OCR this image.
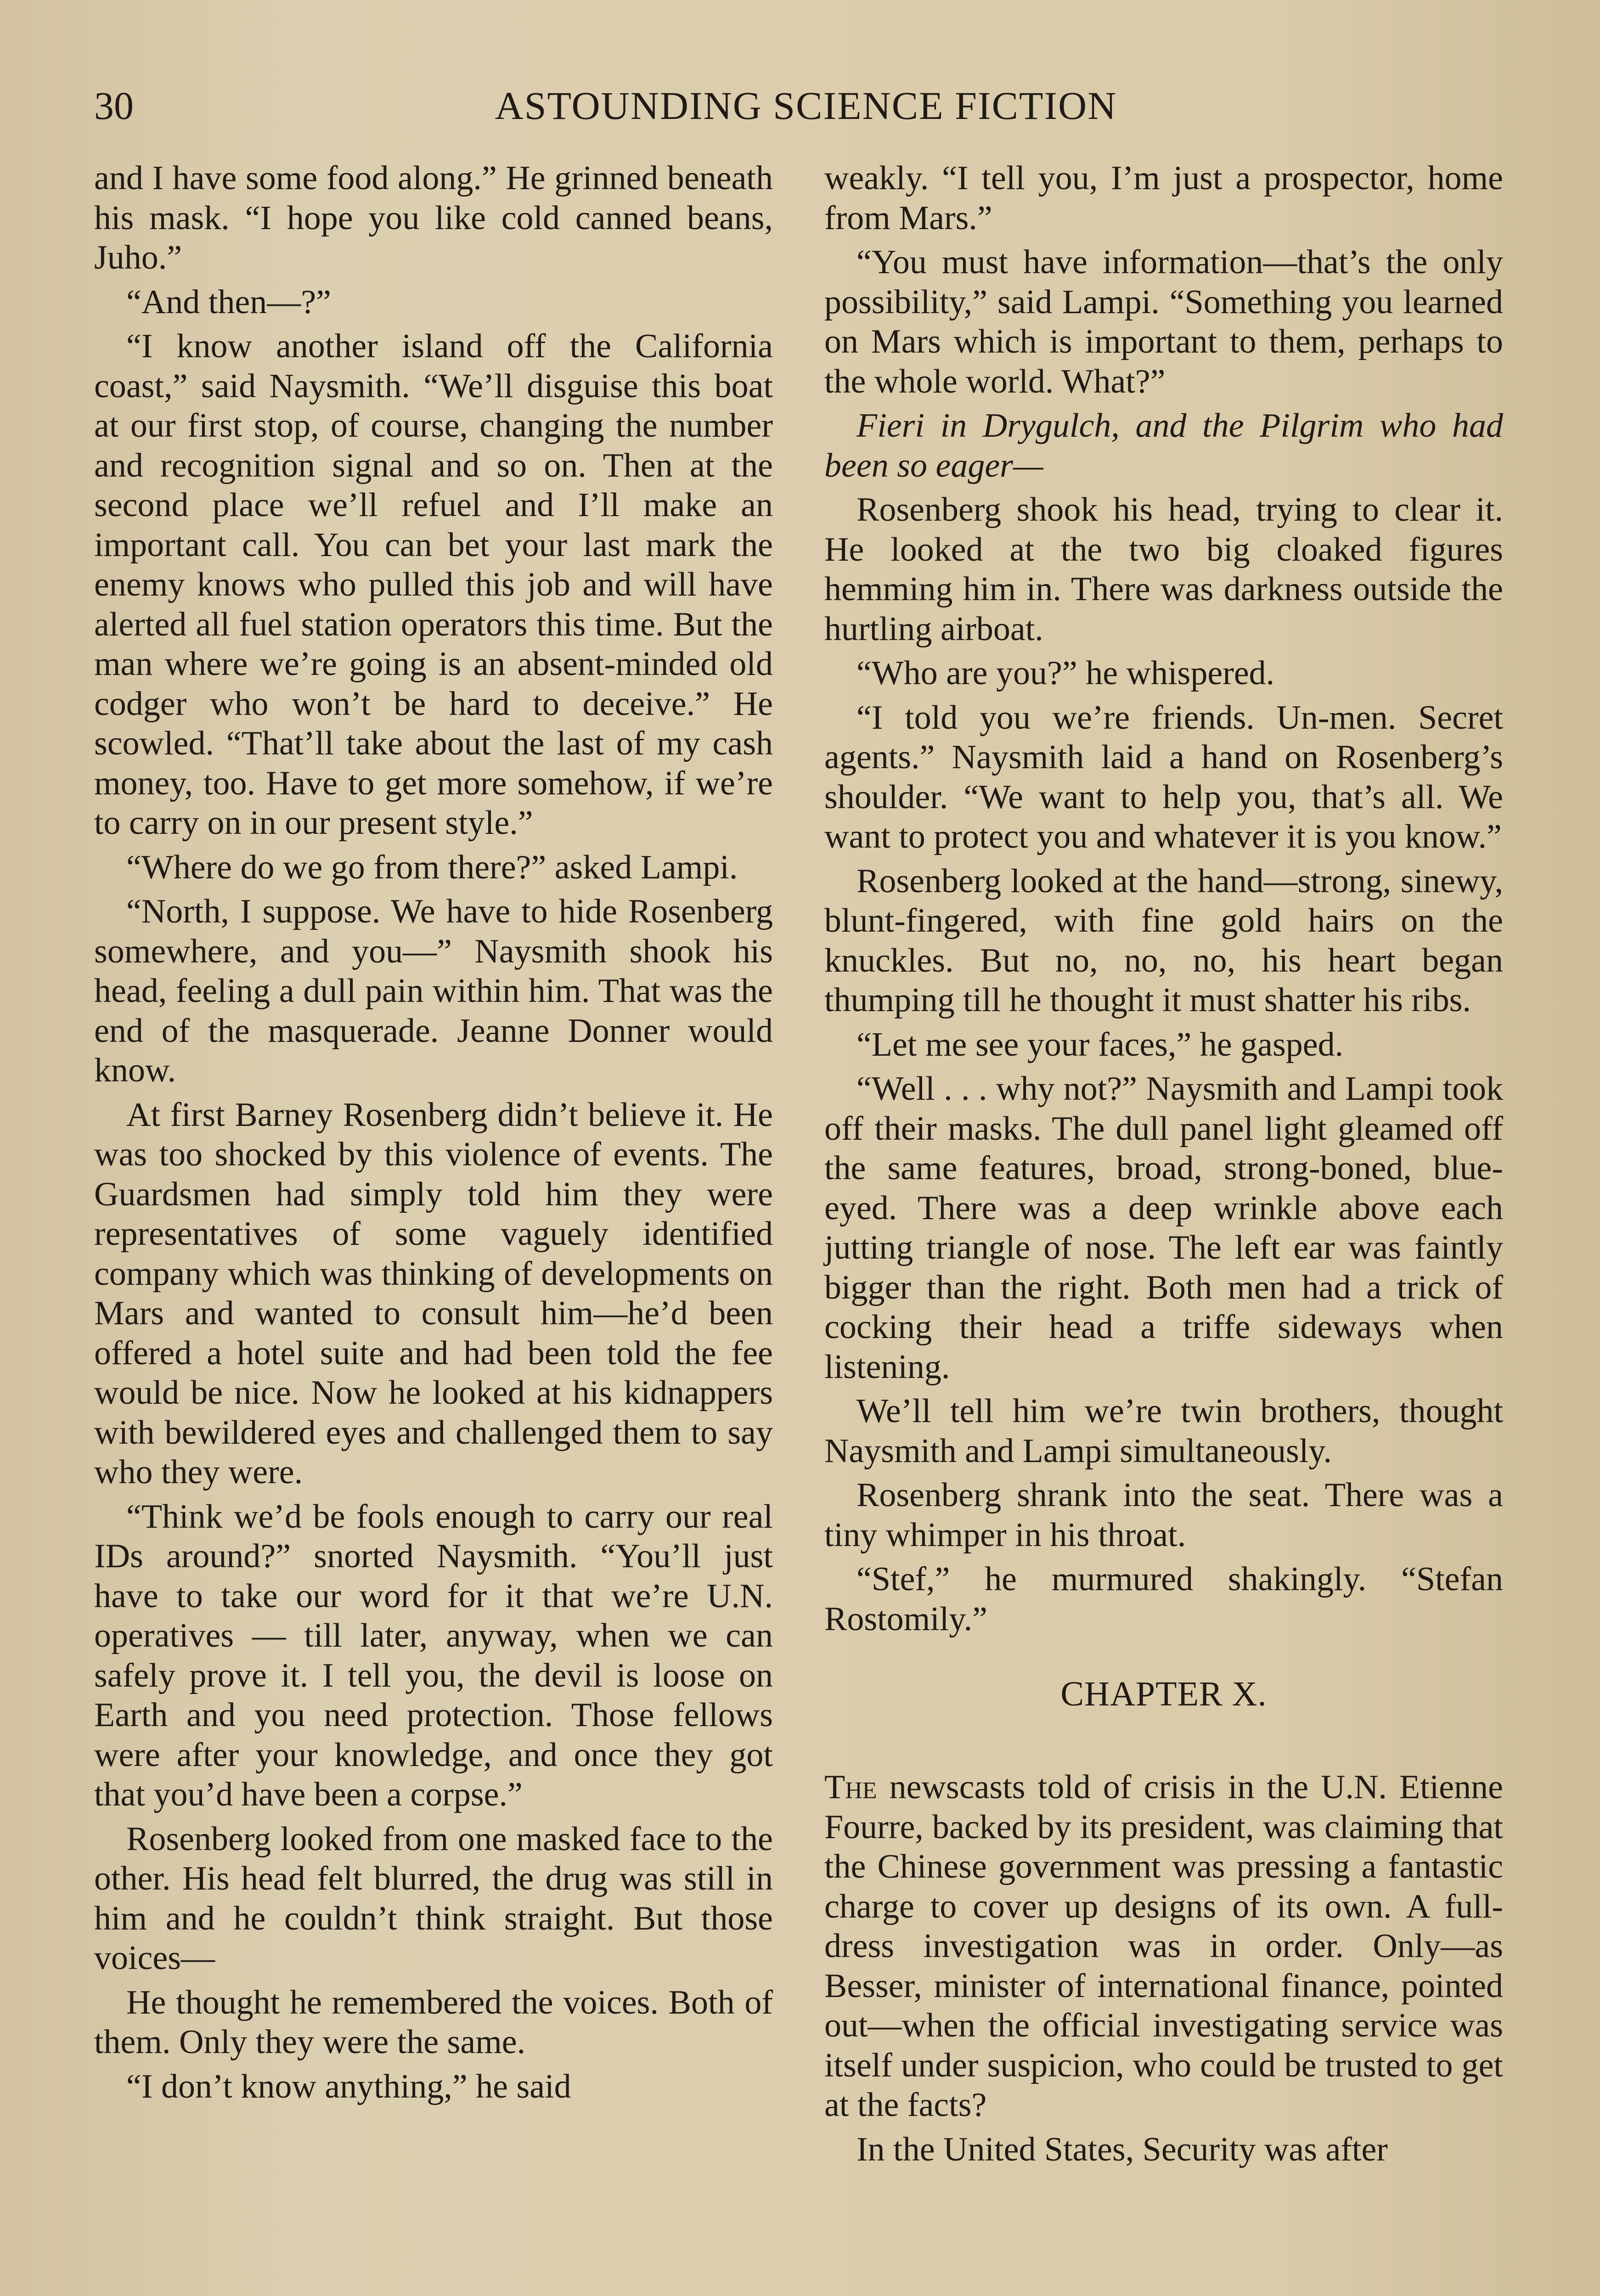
30	ASTOUNDING SCIENCE FICTION

and I have some food along.” He grinned beneath his mask. “I hope you like cold canned beans, Juho.”

“And then—?”

“I know another island off the California coast,” said Naysmith. “We’ll disguise this boat at our first stop, of course, changing the number and recognition signal and so on. Then at the second place we’ll refuel and I’ll make an important call. You can bet your last mark the enemy knows who pulled this job and will have alerted all fuel station operators this time. But the man where we’re going is an absent-minded old codger who won’t be hard to deceive.” He scowled. “That’ll take about the last of my cash money, too. Have to get more somehow, if we’re to carry on in our present style.”

“Where do we go from there?” asked Lampi.

“North, I suppose. We have to hide Rosenberg somewhere, and you—” Naysmith shook his head, feeling a dull pain within him. That was the end of the masquerade. Jeanne Donner would know.

At first Barney Rosenberg didn’t believe it. He was too shocked by this violence of events. The Guardsmen had simply told him they were representatives of some vaguely identified company which was thinking of developments on Mars and wanted to consult him—he’d been offered a hotel suite and had been told the fee would be nice. Now he looked at his kidnappers with bewildered eyes and challenged them to say who they were.

“Think we’d be fools enough to carry our real IDs around?” snorted Naysmith. “You’ll just have to take our word for it that we’re U.N. operatives — till later, anyway, when we can safely prove it. I tell you, the devil is loose on Earth and you need protection. Those fellows were after your knowledge, and once they got that you’d have been a corpse.”

Rosenberg looked from one masked face to the other. His head felt blurred, the drug was still in him and he couldn’t think straight. But those voices—

He thought he remembered the voices. Both of them. Only they were the same.

“I don’t know anything,” he said

weakly. “I tell you, I’m just a prospector, home from Mars.”

“You must have information—that’s the only possibility,” said Lampi. “Something you learned on Mars which is important to them, perhaps to the whole world. What?”

Fieri in Drygulch, and the Pilgrim who had been so eager—

Rosenberg shook his head, trying to clear it. He looked at the two big cloaked figures hemming him in. There was darkness outside the hurtling airboat.

“Who are you?” he whispered.

“I told you we’re friends. Un-men. Secret agents.” Naysmith laid a hand on Rosenberg’s shoulder. “We want to help you, that’s all. We want to protect you and whatever it is you know.”

Rosenberg looked at the hand—strong, sinewy, blunt-fingered, with fine gold hairs on the knuckles. But no, no, no, his heart began thumping till he thought it must shatter his ribs.

“Let me see your faces,” he gasped.

“Well . . . why not?” Naysmith and Lampi took off their masks. The dull panel light gleamed off the same features, broad, strong-boned, blue-eyed. There was a deep wrinkle above each jutting triangle of nose. The left ear was faintly bigger than the right. Both men had a trick of cocking their head a triffe sideways when listening.

We’ll tell him we’re twin brothers, thought Naysmith and Lampi simultaneously.

Rosenberg shrank into the seat. There was a tiny whimper in his throat.

“Stef,” he murmured shakingly. “Stefan Rostomily.”

CHAPTER X.

The newscasts told of crisis in the U.N. Etienne Fourre, backed by its president, was claiming that the Chinese government was pressing a fantastic charge to cover up designs of its own. A full-dress investigation was in order. Only—as Besser, minister of international finance, pointed out—when the official investigating service was itself under suspicion, who could be trusted to get at the facts?

In the United States, Security was after
